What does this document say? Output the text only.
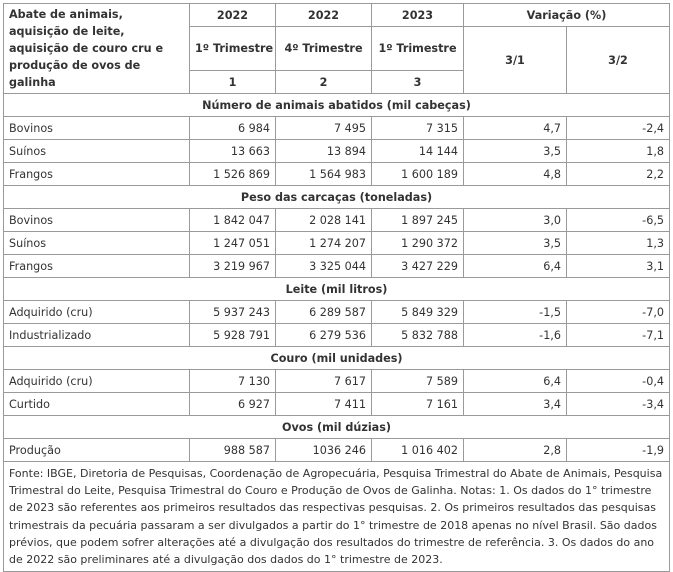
Abate de animais, aquisição de leite, aquisição de couro cru e produção de ovos de galinha	2022	2022	2023	Variação (%)	
	1º Trimestre	4º Trimestre	1º Trimestre	3/1	3/2
	1	2	3		
Número de animais abatidos (mil cabeças)					
Bovinos	6 984	7 495	7 315	4,7	-2,4
Suínos	13 663	13 894	14 144	3,5	1,8
Frangos	1 526 869	1 564 983	1 600 189	4,8	2,2
Peso das carcaças (toneladas)					
Bovinos	1 842 047	2 028 141	1 897 245	3,0	-6,5
Suínos	1 247 051	1 274 207	1 290 372	3,5	1,3
Frangos	3 219 967	3 325 044	3 427 229	6,4	3,1
Leite (mil litros)					
Adquirido (cru)	5 937 243	6 289 587	5 849 329	-1,5	-7,0
Industrializado	5 928 791	6 279 536	5 832 788	-1,6	-7,1
Couro (mil unidades)					
Adquirido (cru)	7 130	7 617	7 589	6,4	-0,4
Curtido	6 927	7 411	7 161	3,4	-3,4
Ovos (mil dúzias)					
Produção	988 587	1036 246	1 016 402	2,8	-1,9
Fonte: IBGE, Diretoria de Pesquisas, Coordenação de Agropecuária, Pesquisa Trimestral do Abate de Animais, Pesquisa Trimestral do Leite, Pesquisa Trimestral do Couro e Produção de Ovos de Galinha. Notas: 1. Os dados do 1° trimestre de 2023 são referentes aos primeiros resultados das respectivas pesquisas. 2. Os primeiros resultados das pesquisas trimestrais da pecuária passaram a ser divulgados a partir do 1° trimestre de 2018 apenas no nível Brasil. São dados prévios, que podem sofrer alterações até a divulgação dos resultados do trimestre de referência. 3. Os dados do ano de 2022 são preliminares até a divulgação dos dados do 1° trimestre de 2023.					
